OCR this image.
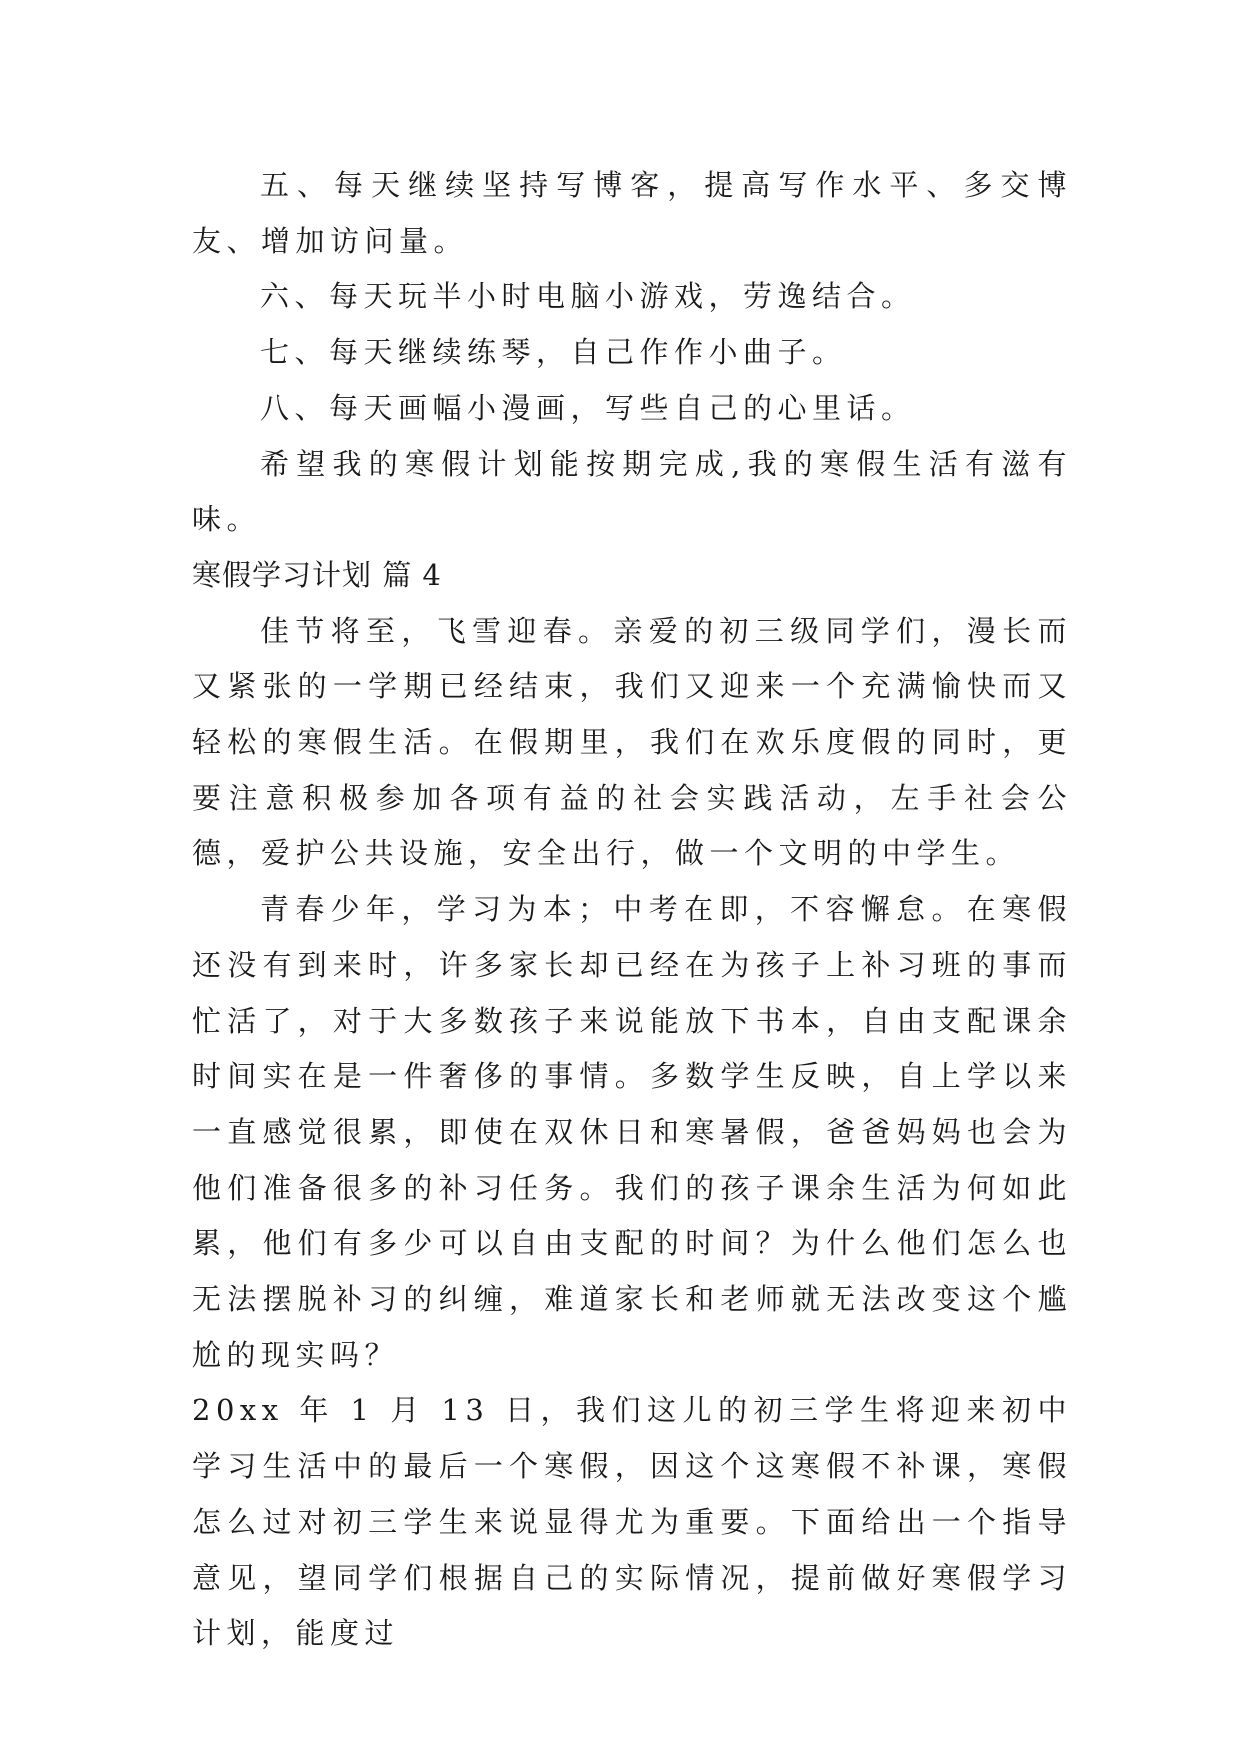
五、每天继续坚持写博客，提高写作水平、多交博友、增加访问量。

六、每天玩半小时电脑小游戏，劳逸结合。

七、每天继续练琴，自己作作小曲子。

八、每天画幅小漫画，写些自己的心里话。

希望我的寒假计划能按期完成,我的寒假生活有滋有味。

寒假学习计划 篇 4

佳节将至，飞雪迎春。亲爱的初三级同学们，漫长而又紧张的一学期已经结束，我们又迎来一个充满愉快而又轻松的寒假生活。在假期里，我们在欢乐度假的同时，更要注意积极参加各项有益的社会实践活动，左手社会公德，爱护公共设施，安全出行，做一个文明的中学生。

青春少年，学习为本；中考在即，不容懈怠。在寒假还没有到来时，许多家长却已经在为孩子上补习班的事而忙活了，对于大多数孩子来说能放下书本，自由支配课余时间实在是一件奢侈的事情。多数学生反映，自上学以来一直感觉很累，即使在双休日和寒暑假，爸爸妈妈也会为他们准备很多的补习任务。我们的孩子课余生活为何如此累，他们有多少可以自由支配的时间？为什么他们怎么也无法摆脱补习的纠缠，难道家长和老师就无法改变这个尴尬的现实吗？

20xx 年 1 月 13 日，我们这儿的初三学生将迎来初中学习生活中的最后一个寒假，因这个这寒假不补课，寒假怎么过对初三学生来说显得尤为重要。下面给出一个指导意见，望同学们根据自己的实际情况，提前做好寒假学习计划，能度过
